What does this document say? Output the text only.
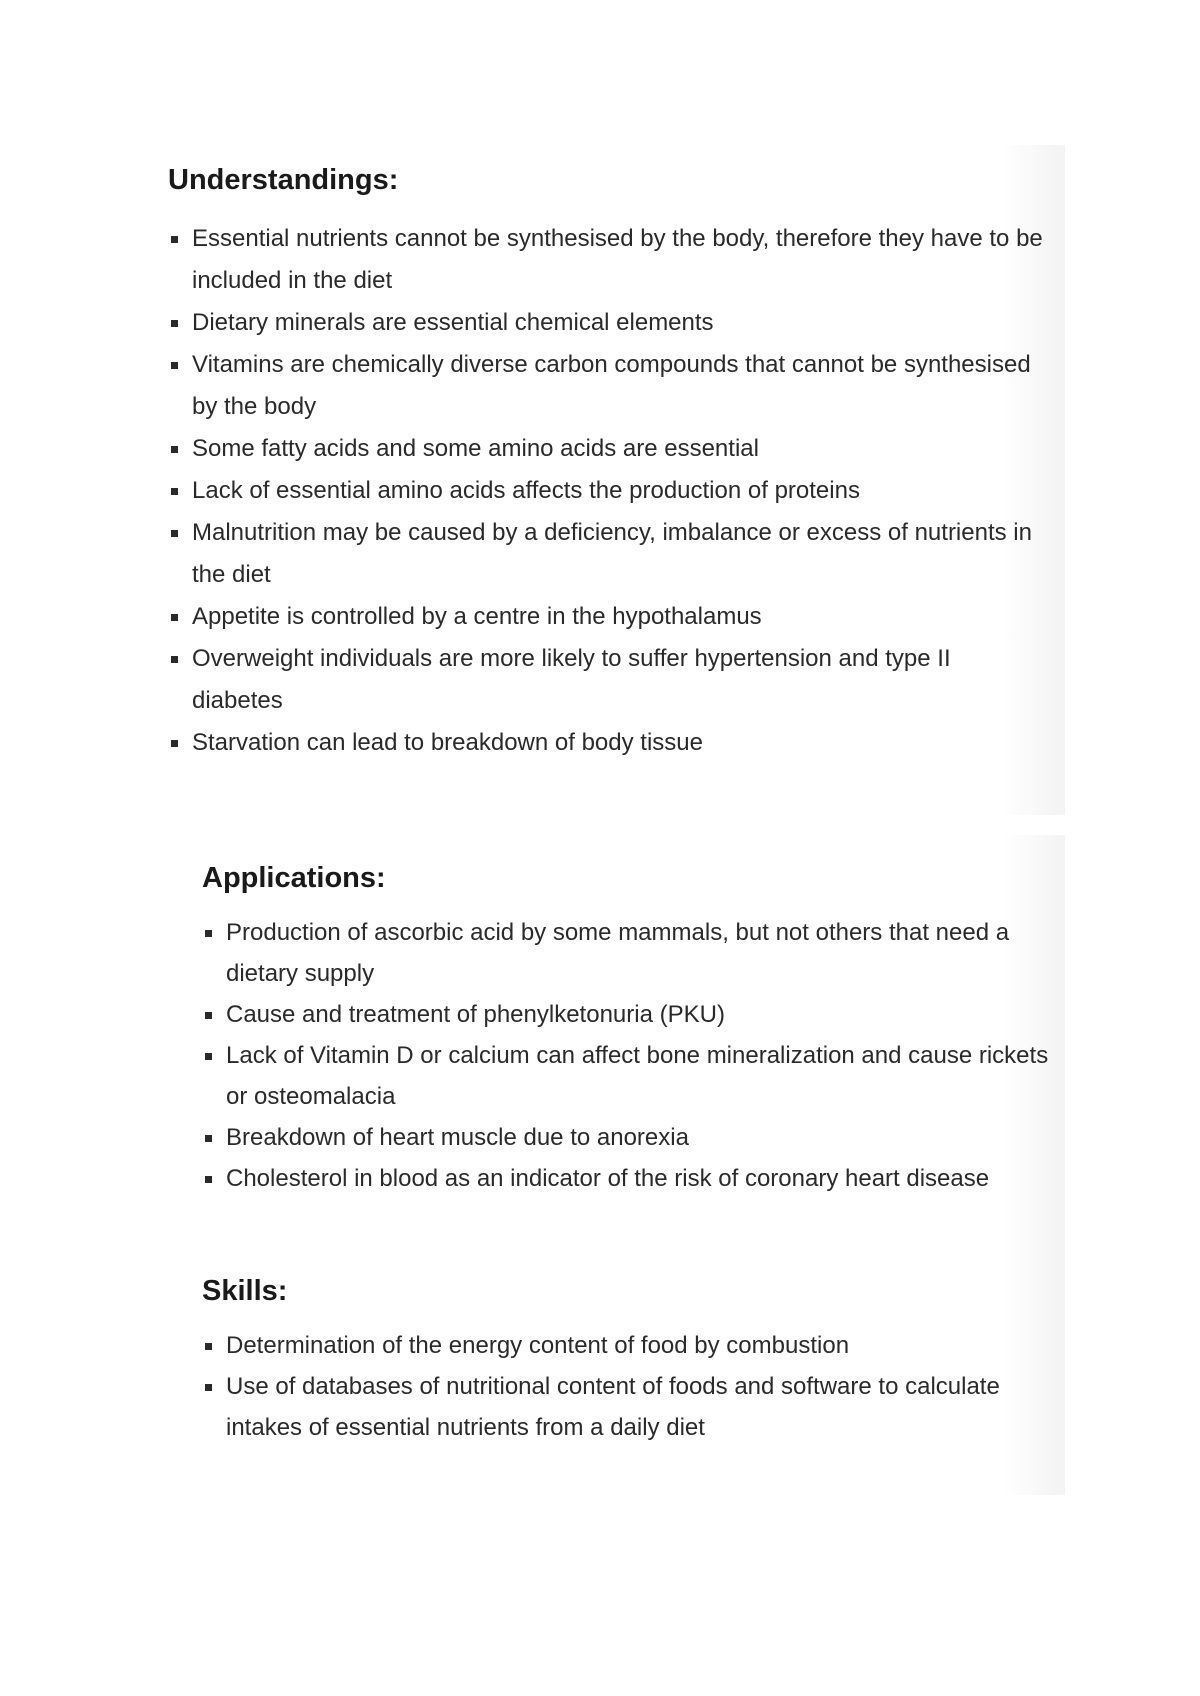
Understandings:
Essential nutrients cannot be synthesised by the body, therefore they have to be included in the diet
Dietary minerals are essential chemical elements
Vitamins are chemically diverse carbon compounds that cannot be synthesised by the body
Some fatty acids and some amino acids are essential
Lack of essential amino acids affects the production of proteins
Malnutrition may be caused by a deficiency, imbalance or excess of nutrients in the diet
Appetite is controlled by a centre in the hypothalamus
Overweight individuals are more likely to suffer hypertension and type II diabetes
Starvation can lead to breakdown of body tissue
Applications:
Production of ascorbic acid by some mammals, but not others that need a dietary supply
Cause and treatment of phenylketonuria (PKU)
Lack of Vitamin D or calcium can affect bone mineralization and cause rickets or osteomalacia
Breakdown of heart muscle due to anorexia
Cholesterol in blood as an indicator of the risk of coronary heart disease
Skills:
Determination of the energy content of food by combustion
Use of databases of nutritional content of foods and software to calculate intakes of essential nutrients from a daily diet
